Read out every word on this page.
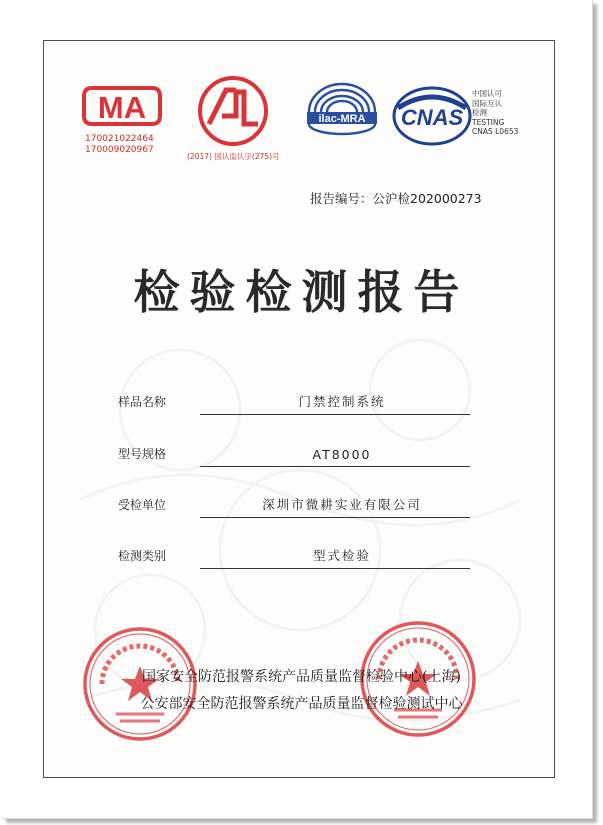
MA
170021022464
170009020967
CAL
(2017) 国认监认字(275)号
ilac-MRA CNAS
中国认可
国际互认
检测
TESTING
CNAS L0653
报告编号：公沪检202000273
检验检测报告
样品名称	门禁控制系统
型号规格	AT8000
受检单位	深圳市微耕实业有限公司
检测类别	型式检验
国家安全防范报警系统产品质量监督检验中心(上海)
公安部安全防范报警系统产品质量监督检验测试中心
